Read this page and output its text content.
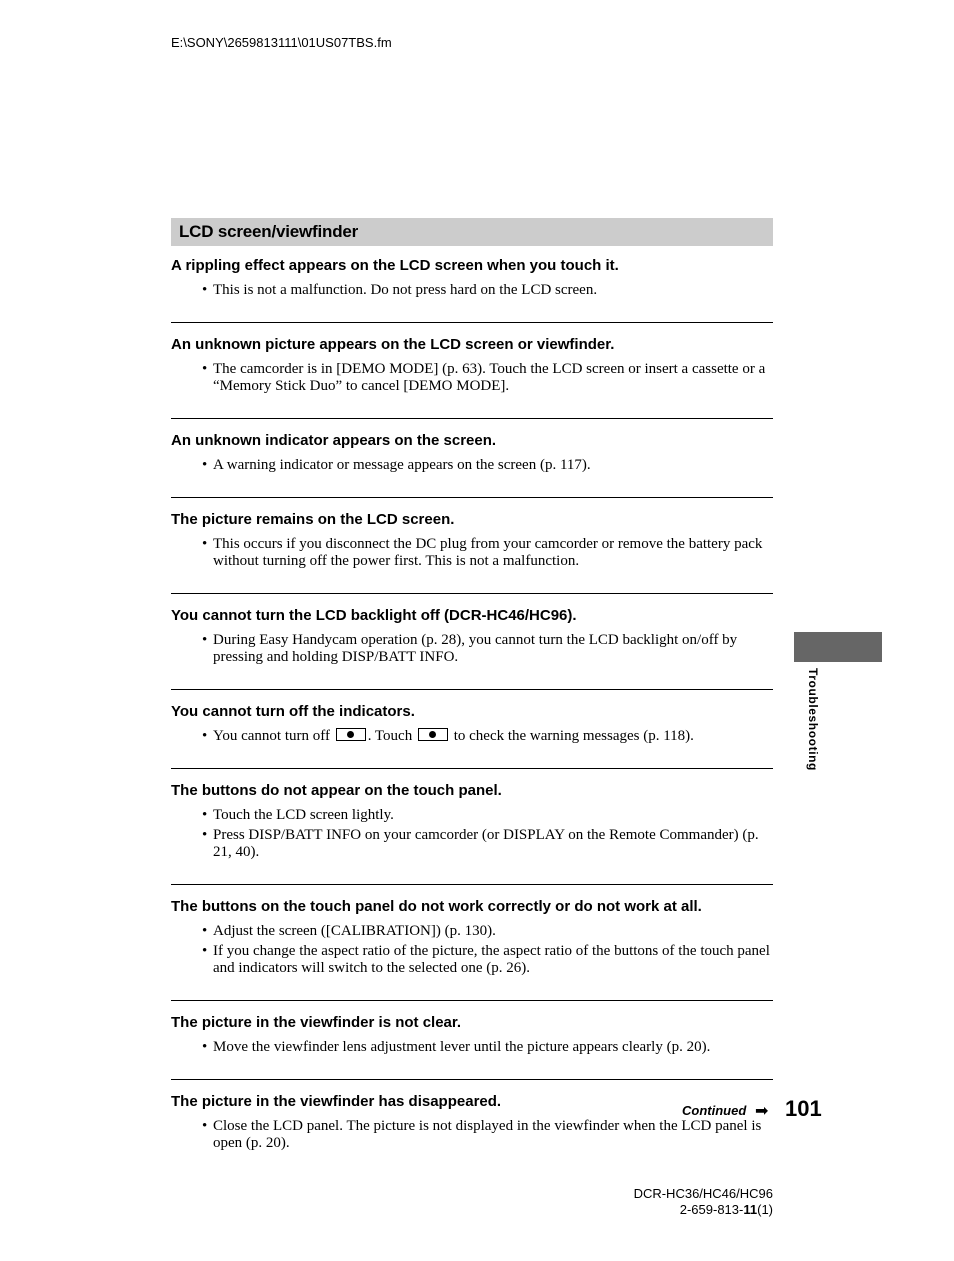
E:\SONY\2659813111\01US07TBS.fm
LCD screen/viewfinder
A rippling effect appears on the LCD screen when you touch it.
• This is not a malfunction. Do not press hard on the LCD screen.
An unknown picture appears on the LCD screen or viewfinder.
• The camcorder is in [DEMO MODE] (p. 63). Touch the LCD screen or insert a cassette or a “Memory Stick Duo” to cancel [DEMO MODE].
An unknown indicator appears on the screen.
• A warning indicator or message appears on the screen (p. 117).
The picture remains on the LCD screen.
• This occurs if you disconnect the DC plug from your camcorder or remove the battery pack without turning off the power first. This is not a malfunction.
You cannot turn the LCD backlight off (DCR-HC46/HC96).
• During Easy Handycam operation (p. 28), you cannot turn the LCD backlight on/off by pressing and holding DISP/BATT INFO.
You cannot turn off the indicators.
• You cannot turn off . Touch  to check the warning messages (p. 118).
The buttons do not appear on the touch panel.
• Touch the LCD screen lightly.
• Press DISP/BATT INFO on your camcorder (or DISPLAY on the Remote Commander) (p. 21, 40).
The buttons on the touch panel do not work correctly or do not work at all.
• Adjust the screen ([CALIBRATION]) (p. 130).
• If you change the aspect ratio of the picture, the aspect ratio of the buttons of the touch panel and indicators will switch to the selected one (p. 26).
The picture in the viewfinder is not clear.
• Move the viewfinder lens adjustment lever until the picture appears clearly (p. 20).
The picture in the viewfinder has disappeared.
• Close the LCD panel. The picture is not displayed in the viewfinder when the LCD panel is open (p. 20).
Troubleshooting
Continued ➡ 101
DCR-HC36/HC46/HC96
2-659-813-11(1)
